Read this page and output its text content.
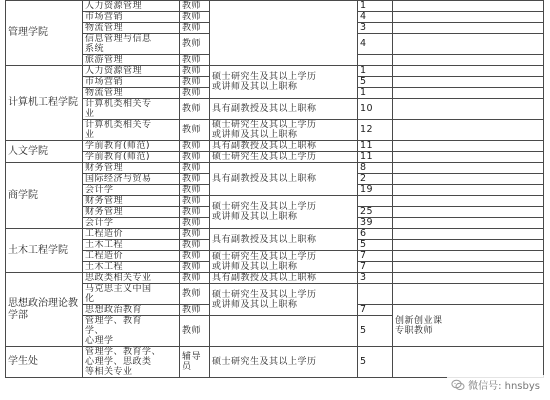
管理学院	人力资源管理	教师		1	

	市场营销	教师		4	

	物流管理	教师		3	

	信息管理与信息
系统	教师		4	

	旅游管理	教师			
计算机工程学院	人力资源管理	教师	硕士研究生及其以上学历
或讲师及其以上职称	1	

	市场营销	教师		5	

	物流管理	教师		1	

	计算机类相关专
业	教师	具有副教授及其以上职称	10	

	计算机类相关专
业	教师	硕士研究生及其以上学历
或讲师及其以上职称	12	
人文学院	学前教育(师范)	教师	具有副教授及其以上职称	11	

	学前教育(师范)	教师	硕士研究生及其以上学历	11	
商学院	财务管理	教师	具有副教授及其以上职称	8	

	国际经济与贸易	教师		2	

	会计学	教师		19	

	财务管理	教师	硕士研究生及其以上学历
或讲师及其以上职称		

	财务管理	教师		25	

	会计学	教师		39	
土木工程学院	工程造价	教师	具有副教授及其以上职称	6	

	土木工程	教师		5	

	工程造价	教师	硕士研究生及其以上学历
或讲师及其以上职称	7	

	土木工程	教师		7	
思想政治理论教学部	思政类相关专业	教师	具有副教授及其以上职称	3	

	马克思主义中国
化	教师	硕士研究生及其以上学历
或讲师及其以上职称		

	思想政治教育	教师		7	创新创业课

专职教师

	管理学、教育
学、
心理学	教师		5	
学生处	管理学、教育学、
心理学、思政类
等相关专业	辅导员	硕士研究生及其以上学历	5	
微信号: hnsbys
